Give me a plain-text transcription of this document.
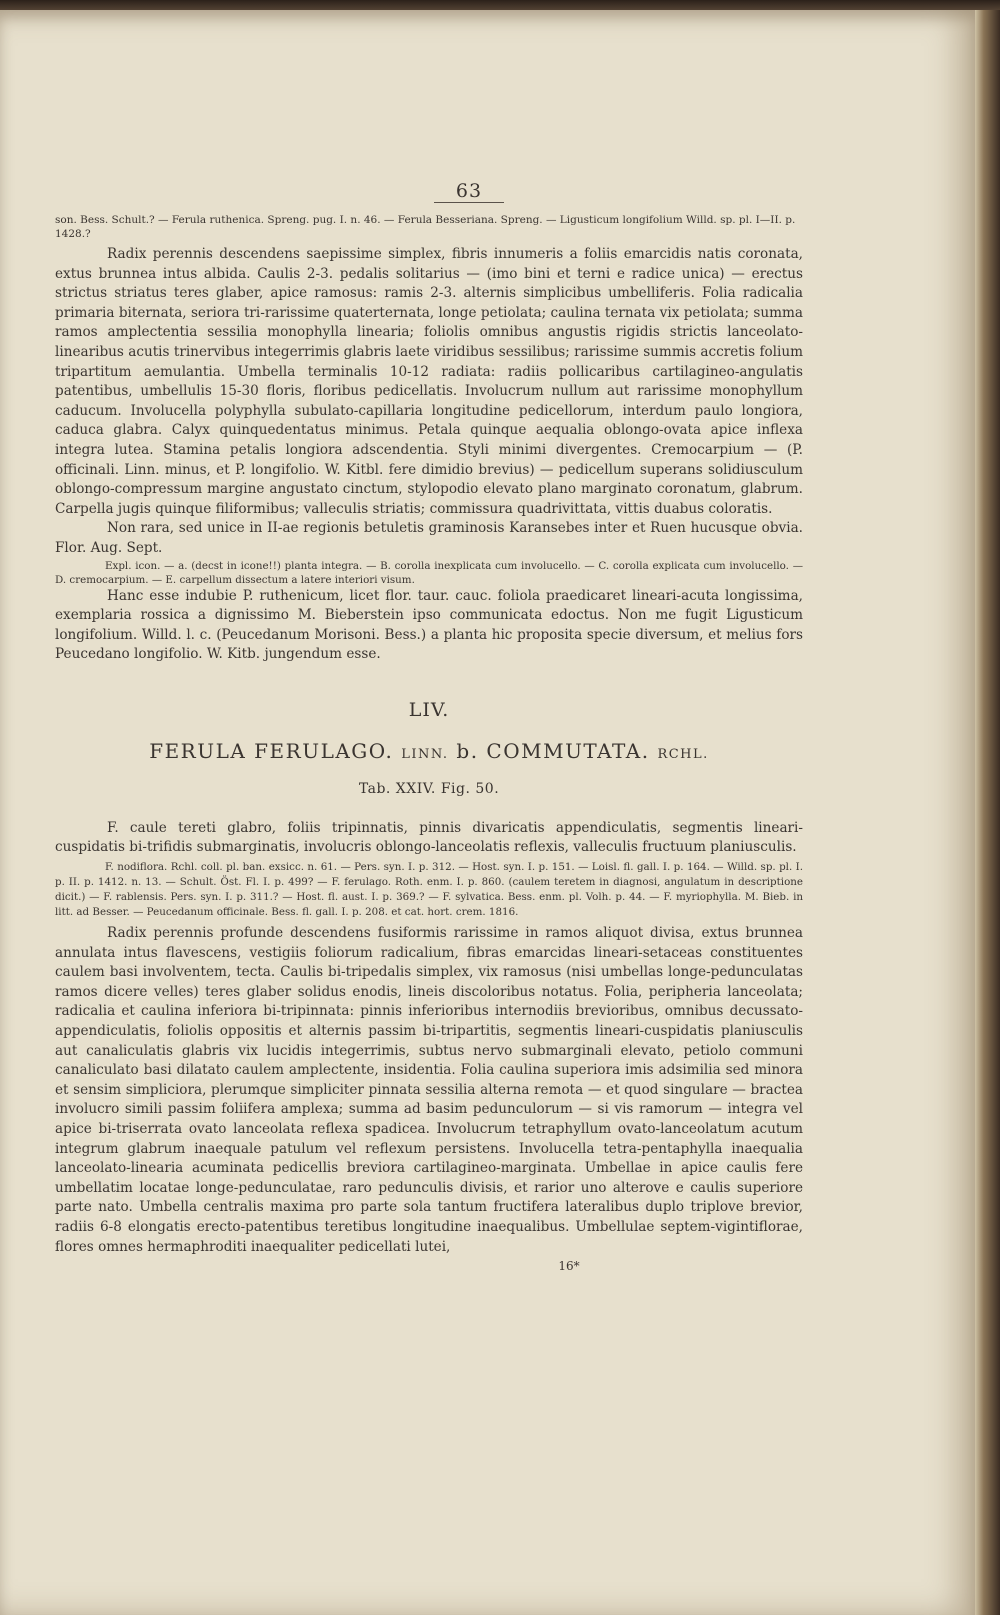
63

son. Bess. Schult.? — Ferula ruthenica. Spreng. pug. I. n. 46. — Ferula Besseriana. Spreng. — Ligusticum longifolium Willd. sp. pl. I—II. p. 1428.?

Radix perennis descendens saepissime simplex, fibris innumeris a foliis emarcidis natis coronata, extus brunnea intus albida. Caulis 2-3. pedalis solitarius — (imo bini et terni e radice unica) — erectus strictus striatus teres glaber, apice ramosus: ramis 2-3. alternis simplicibus umbelliferis. Folia radicalia primaria biternata, seriora tri-rarissime quaterternata, longe petiolata; caulina ternata vix petiolata; summa ramos amplectentia sessilia monophylla linearia; foliolis omnibus angustis rigidis strictis lanceolato-linearibus acutis trinervibus integerrimis glabris laete viridibus sessilibus; rarissime summis accretis folium tripartitum aemulantia. Umbella terminalis 10-12 radiata: radiis pollicaribus cartilagineo-angulatis patentibus, umbellulis 15-30 floris, floribus pedicellatis. Involucrum nullum aut rarissime monophyllum caducum. Involucella polyphylla subulato-capillaria longitudine pedicellorum, interdum paulo longiora, caduca glabra. Calyx quinquedentatus minimus. Petala quinque aequalia oblongo-ovata apice inflexa integra lutea. Stamina petalis longiora adscendentia. Styli minimi divergentes. Cremocarpium — (P. officinali. Linn. minus, et P. longifolio. W. Kitbl. fere dimidio brevius) — pedicellum superans solidiusculum oblongo-compressum margine angustato cinctum, stylopodio elevato plano marginato coronatum, glabrum. Carpella jugis quinque filiformibus; valleculis striatis; commissura quadrivittata, vittis duabus coloratis.

Non rara, sed unice in II-ae regionis betuletis graminosis Karansebes inter et Ruen hucusque obvia. Flor. Aug. Sept.

Expl. icon. — a. (decst in icone!!) planta integra. — B. corolla inexplicata cum involucello. — C. corolla explicata cum involucello. — D. cremocarpium. — E. carpellum dissectum a latere interiori visum.

Hanc esse indubie P. ruthenicum, licet flor. taur. cauc. foliola praedicaret lineari-acuta longissima, exemplaria rossica a dignissimo M. Bieberstein ipso communicata edoctus. Non me fugit Ligusticum longifolium. Willd. l. c. (Peucedanum Morisoni. Bess.) a planta hic proposita specie diversum, et melius fors Peucedano longifolio. W. Kitb. jungendum esse.

LIV.
FERULA FERULAGO. LINN. b. COMMUTATA. RCHL.
Tab. XXIV. Fig. 50.

F. caule tereti glabro, foliis tripinnatis, pinnis divaricatis appendiculatis, segmentis lineari-cuspidatis bi-trifidis submarginatis, involucris oblongo-lanceolatis reflexis, valleculis fructuum planiusculis.

F. nodiflora. Rchl. coll. pl. ban. exsicc. n. 61. — Pers. syn. I. p. 312. — Host. syn. I. p. 151. — Loisl. fl. gall. I. p. 164. — Willd. sp. pl. I. p. II. p. 1412. n. 13. — Schult. Öst. Fl. I. p. 499? — F. ferulago. Roth. enm. I. p. 860. (caulem teretem in diagnosi, angulatum in descriptione dicit.) — F. rablensis. Pers. syn. I. p. 311.? — Host. fl. aust. I. p. 369.? — F. sylvatica. Bess. enm. pl. Volh. p. 44. — F. myriophylla. M. Bieb. in litt. ad Besser. — Peucedanum officinale. Bess. fl. gall. I. p. 208. et cat. hort. crem. 1816.

Radix perennis profunde descendens fusiformis rarissime in ramos aliquot divisa, extus brunnea annulata intus flavescens, vestigiis foliorum radicalium, fibras emarcidas lineari-setaceas constituentes caulem basi involventem, tecta. Caulis bi-tripedalis simplex, vix ramosus (nisi umbellas longe-pedunculatas ramos dicere velles) teres glaber solidus enodis, lineis discoloribus notatus. Folia, peripheria lanceolata; radicalia et caulina inferiora bi-tripinnata: pinnis inferioribus internodiis brevioribus, omnibus decussato-appendiculatis, foliolis oppositis et alternis passim bi-tripartitis, segmentis lineari-cuspidatis planiusculis aut canaliculatis glabris vix lucidis integerrimis, subtus nervo submarginali elevato, petiolo communi canaliculato basi dilatato caulem amplectente, insidentia. Folia caulina superiora imis adsimilia sed minora et sensim simpliciora, plerumque simpliciter pinnata sessilia alterna remota — et quod singulare — bractea involucro simili passim foliifera amplexa; summa ad basim pedunculorum — si vis ramorum — integra vel apice bi-triserrata ovato lanceolata reflexa spadicea. Involucrum tetraphyllum ovato-lanceolatum acutum integrum glabrum inaequale patulum vel reflexum persistens. Involucella tetra-pentaphylla inaequalia lanceolato-linearia acuminata pedicellis breviora cartilagineo-marginata. Umbellae in apice caulis fere umbellatim locatae longe-pedunculatae, raro pedunculis divisis, et rarior uno alterove e caulis superiore parte nato. Umbella centralis maxima pro parte sola tantum fructifera lateralibus duplo triplove brevior, radiis 6-8 elongatis erecto-patentibus teretibus longitudine inaequalibus. Umbellulae septem-vigintiflorae, flores omnes hermaphroditi inaequaliter pedicellati lutei,

16*
